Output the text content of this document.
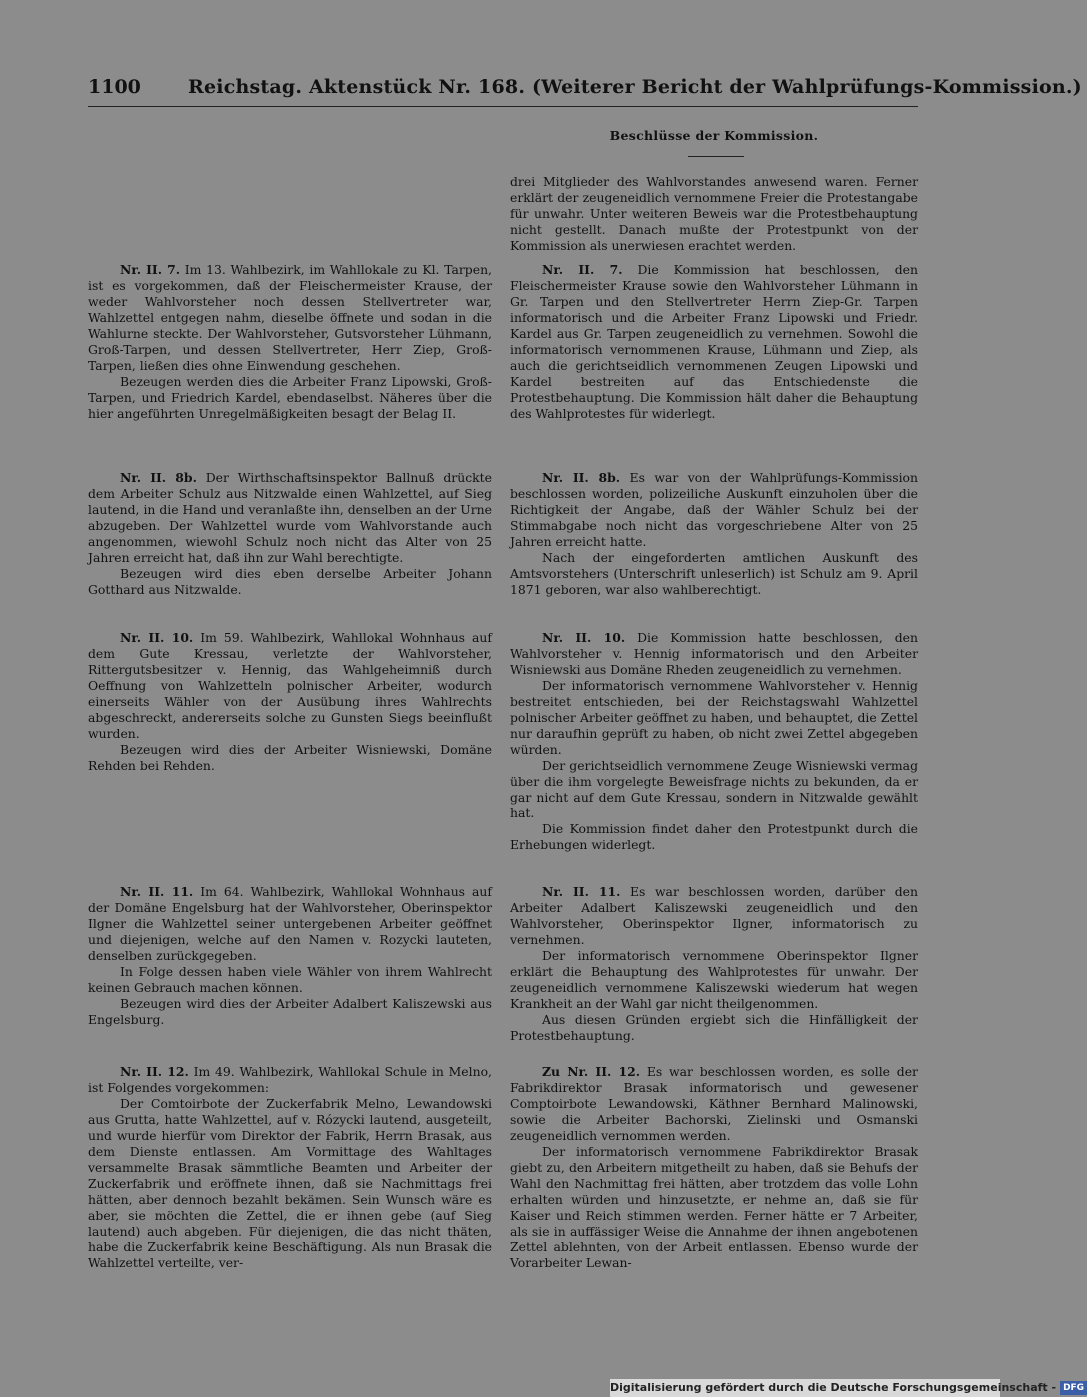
1100 Reichstag. Aktenstück Nr. 168. (Weiterer Bericht der Wahlprüfungs-Kommission.)
Beschlüsse der Kommission.

drei Mitglieder des Wahlvorstandes anwesend waren. Ferner erklärt der zeugeneidlich vernommene Freier die Protestangabe für unwahr. Unter weiteren Beweis war die Protestbehauptung nicht gestellt. Danach mußte der Protestpunkt von der Kommission als unerwiesen erachtet werden.

Nr. II. 7. Im 13. Wahlbezirk, im Wahllokale zu Kl. Tarpen, ist es vorgekommen, daß der Fleischermeister Krause, der weder Wahlvorsteher noch dessen Stellvertreter war, Wahlzettel entgegen nahm, dieselbe öffnete und sodan in die Wahlurne steckte. Der Wahlvorsteher, Gutsvorsteher Lühmann, Groß-Tarpen, und dessen Stellvertreter, Herr Ziep, Groß-Tarpen, ließen dies ohne Einwendung geschehen.

Bezeugen werden dies die Arbeiter Franz Lipowski, Groß-Tarpen, und Friedrich Kardel, ebendaselbst. Näheres über die hier angeführten Unregelmäßigkeiten besagt der Belag II.

Nr. II. 8b. Der Wirthschaftsinspektor Ballnuß drückte dem Arbeiter Schulz aus Nitzwalde einen Wahlzettel, auf Sieg lautend, in die Hand und veranlaßte ihn, denselben an der Urne abzugeben. Der Wahlzettel wurde vom Wahlvorstande auch angenommen, wiewohl Schulz noch nicht das Alter von 25 Jahren erreicht hat, daß ihn zur Wahl berechtigte.

Bezeugen wird dies eben derselbe Arbeiter Johann Gotthard aus Nitzwalde.

Nr. II. 10. Im 59. Wahlbezirk, Wahllokal Wohnhaus auf dem Gute Kressau, verletzte der Wahlvorsteher, Rittergutsbesitzer v. Hennig, das Wahlgeheimniß durch Oeffnung von Wahlzetteln polnischer Arbeiter, wodurch einerseits Wähler von der Ausübung ihres Wahlrechts abgeschreckt, andererseits solche zu Gunsten Siegs beeinflußt wurden.

Bezeugen wird dies der Arbeiter Wisniewski, Domäne Rehden bei Rehden.

Nr. II. 11. Im 64. Wahlbezirk, Wahllokal Wohnhaus auf der Domäne Engelsburg hat der Wahlvorsteher, Oberinspektor Ilgner die Wahlzettel seiner untergebenen Arbeiter geöffnet und diejenigen, welche auf den Namen v. Rozycki lauteten, denselben zurückgegeben.

In Folge dessen haben viele Wähler von ihrem Wahlrecht keinen Gebrauch machen können.

Bezeugen wird dies der Arbeiter Adalbert Kaliszewski aus Engelsburg.

Nr. II. 12. Im 49. Wahlbezirk, Wahllokal Schule in Melno, ist Folgendes vorgekommen:

Der Comtoirbote der Zuckerfabrik Melno, Lewandowski aus Grutta, hatte Wahlzettel, auf v. Rózycki lautend, ausgeteilt, und wurde hierfür vom Direktor der Fabrik, Herrn Brasak, aus dem Dienste entlassen. Am Vormittage des Wahltages versammelte Brasak sämmtliche Beamten und Arbeiter der Zuckerfabrik und eröffnete ihnen, daß sie Nachmittags frei hätten, aber dennoch bezahlt bekämen. Sein Wunsch wäre es aber, sie möchten die Zettel, die er ihnen gebe (auf Sieg lautend) auch abgeben. Für diejenigen, die das nicht thäten, habe die Zuckerfabrik keine Beschäftigung. Als nun Brasak die Wahlzettel verteilte, ver-

Nr. II. 7. Die Kommission hat beschlossen, den Fleischermeister Krause sowie den Wahlvorsteher Lühmann in Gr. Tarpen und den Stellvertreter Herrn Ziep-Gr. Tarpen informatorisch und die Arbeiter Franz Lipowski und Friedr. Kardel aus Gr. Tarpen zeugeneidlich zu vernehmen. Sowohl die informatorisch vernommenen Krause, Lühmann und Ziep, als auch die gerichtseidlich vernommenen Zeugen Lipowski und Kardel bestreiten auf das Entschiedenste die Protestbehauptung. Die Kommission hält daher die Behauptung des Wahlprotestes für widerlegt.

Nr. II. 8b. Es war von der Wahlprüfungs-Kommission beschlossen worden, polizeiliche Auskunft einzuholen über die Richtigkeit der Angabe, daß der Wähler Schulz bei der Stimmabgabe noch nicht das vorgeschriebene Alter von 25 Jahren erreicht hatte.

Nach der eingeforderten amtlichen Auskunft des Amtsvorstehers (Unterschrift unleserlich) ist Schulz am 9. April 1871 geboren, war also wahlberechtigt.

Nr. II. 10. Die Kommission hatte beschlossen, den Wahlvorsteher v. Hennig informatorisch und den Arbeiter Wisniewski aus Domäne Rheden zeugeneidlich zu vernehmen.

Der informatorisch vernommene Wahlvorsteher v. Hennig bestreitet entschieden, bei der Reichstagswahl Wahlzettel polnischer Arbeiter geöffnet zu haben, und behauptet, die Zettel nur daraufhin geprüft zu haben, ob nicht zwei Zettel abgegeben würden.

Der gerichtseidlich vernommene Zeuge Wisniewski vermag über die ihm vorgelegte Beweisfrage nichts zu bekunden, da er gar nicht auf dem Gute Kressau, sondern in Nitzwalde gewählt hat.

Die Kommission findet daher den Protestpunkt durch die Erhebungen widerlegt.

Nr. II. 11. Es war beschlossen worden, darüber den Arbeiter Adalbert Kaliszewski zeugeneidlich und den Wahlvorsteher, Oberinspektor Ilgner, informatorisch zu vernehmen.

Der informatorisch vernommene Oberinspektor Ilgner erklärt die Behauptung des Wahlprotestes für unwahr. Der zeugeneidlich vernommene Kaliszewski wiederum hat wegen Krankheit an der Wahl gar nicht theilgenommen.

Aus diesen Gründen ergiebt sich die Hinfälligkeit der Protestbehauptung.

Zu Nr. II. 12. Es war beschlossen worden, es solle der Fabrikdirektor Brasak informatorisch und gewesener Comptoirbote Lewandowski, Käthner Bernhard Malinowski, sowie die Arbeiter Bachorski, Zielinski und Osmanski zeugeneidlich vernommen werden.

Der informatorisch vernommene Fabrikdirektor Brasak giebt zu, den Arbeitern mitgetheilt zu haben, daß sie Behufs der Wahl den Nachmittag frei hätten, aber trotzdem das volle Lohn erhalten würden und hinzusetzte, er nehme an, daß sie für Kaiser und Reich stimmen werden. Ferner hätte er 7 Arbeiter, als sie in auffässiger Weise die Annahme der ihnen angebotenen Zettel ablehnten, von der Arbeit entlassen. Ebenso wurde der Vorarbeiter Lewan-

Digitalisierung gefördert durch die Deutsche Forschungsgemeinschaft - DFG
